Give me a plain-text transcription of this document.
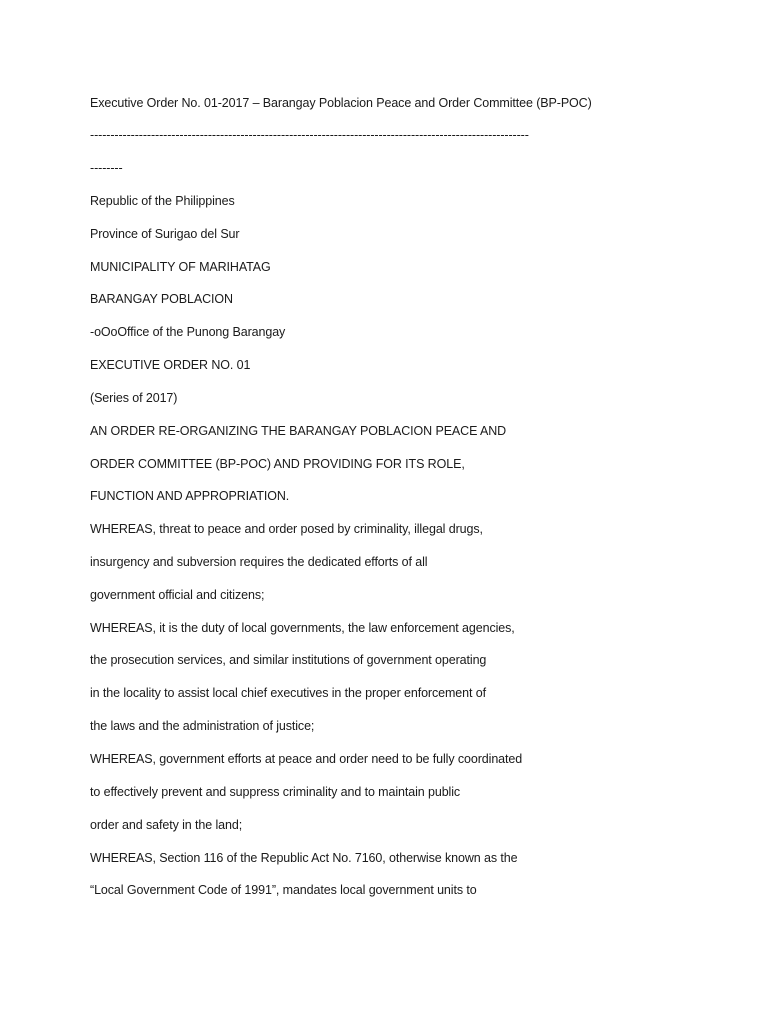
Executive Order No. 01-2017 – Barangay Poblacion Peace and Order Committee (BP-POC)

------------------------------------------------------------------------------------------------------------

--------

Republic of the Philippines

Province of Surigao del Sur

MUNICIPALITY OF MARIHATAG

BARANGAY POBLACION

-oOoOffice of the Punong Barangay

EXECUTIVE ORDER NO. 01

(Series of 2017)

AN ORDER RE-ORGANIZING THE BARANGAY POBLACION PEACE AND

ORDER COMMITTEE (BP-POC) AND PROVIDING FOR ITS ROLE,

FUNCTION AND APPROPRIATION.

WHEREAS, threat to peace and order posed by criminality, illegal drugs,

insurgency and subversion requires the dedicated efforts of all

government official and citizens;

WHEREAS, it is the duty of local governments, the law enforcement agencies,

the prosecution services, and similar institutions of government operating

in the locality to assist local chief executives in the proper enforcement of

the laws and the administration of justice;

WHEREAS, government efforts at peace and order need to be fully coordinated

to effectively prevent and suppress criminality and to maintain public

order and safety in the land;

WHEREAS, Section 116 of the Republic Act No. 7160, otherwise known as the

“Local Government Code of 1991”, mandates local government units to
